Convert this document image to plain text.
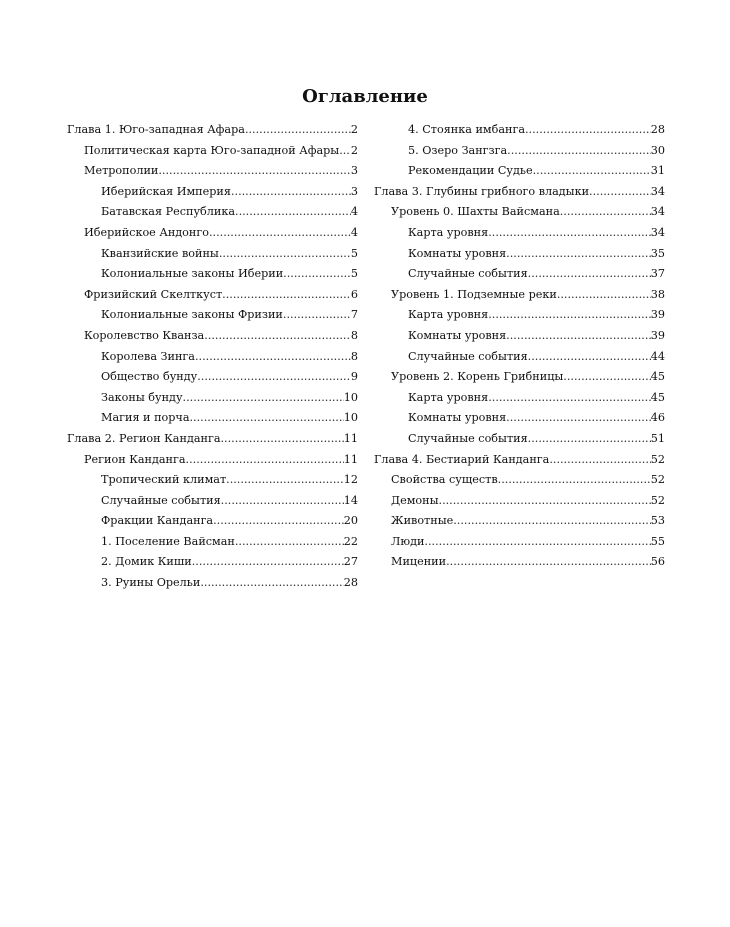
Оглавление
Глава 1. Юго-западная Афара .....	2
Политическая карта Юго-западной Афары ..... 2
Метрополии .....	3
Иберийская Империя .....	3
Батавская Республика .....	4
Иберийское Андонго .....	4
Кванзийские войны .....	5
Колониальные законы Иберии .....	5
Фризийский Скелткуст .....	6
Колониальные законы Фризии .....	7
Королевство Кванза .....	8
Королева Зинга .....	8
Общество бунду .....	9
Законы бунду .....	10
Магия и порча .....	10
Глава 2. Регион Канданга .....	11
Регион Канданга .....	11
Тропический климат .....	12
Случайные события .....	14
Фракции Канданга .....	20
1. Поселение Вайсман .....	22
2. Домик Киши .....	27
3. Руины Орельи .....	28
4. Стоянка имбанга .....	28
5. Озеро Зангзга .....	30
Рекомендации Судье .....	31
Глава 3. Глубины грибного владыки .....	34
Уровень 0. Шахты Вайсмана .....	34
Карта уровня .....	34
Комнаты уровня .....	35
Случайные события .....	37
Уровень 1. Подземные реки .....	38
Карта уровня .....	39
Комнаты уровня .....	39
Случайные события .....	44
Уровень 2. Корень Грибницы .....	45
Карта уровня .....	45
Комнаты уровня .....	46
Случайные события .....	51
Глава 4. Бестиарий Канданга .....	52
Свойства существ .....	52
Демоны .....	52
Животные .....	53
Люди .....	55
Мицении .....	56
